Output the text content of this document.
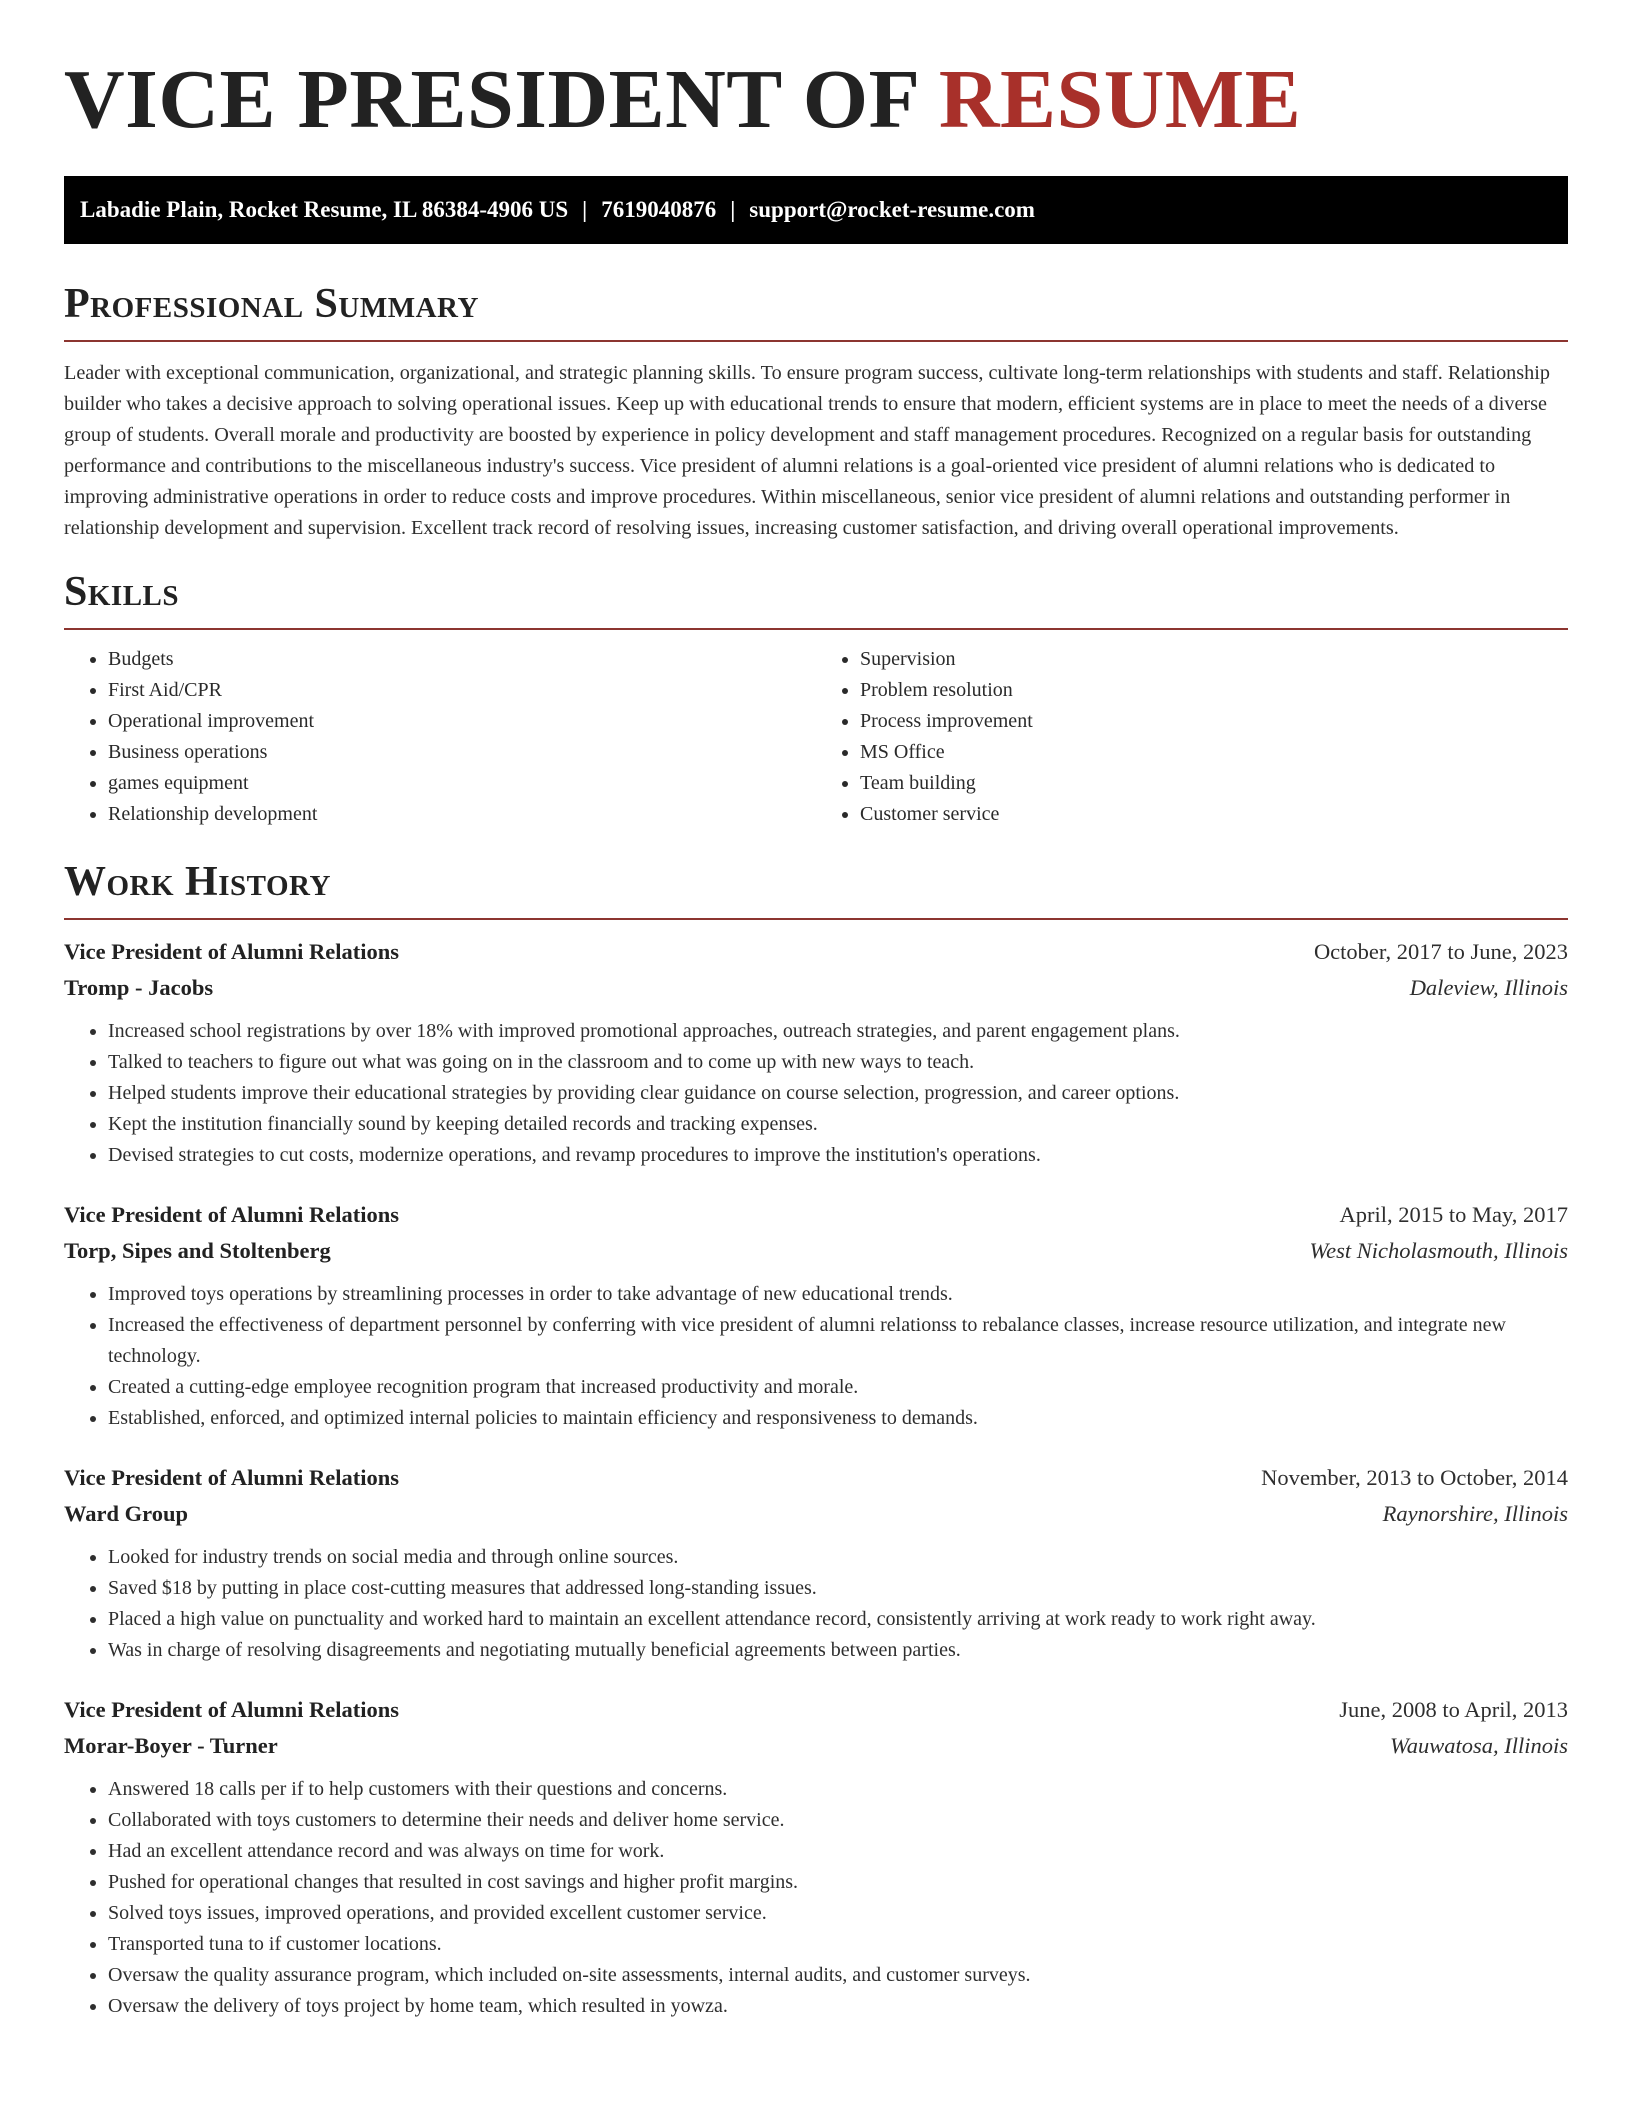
VICE PRESIDENT OF RESUME
Labadie Plain, Rocket Resume, IL 86384-4906 US | 7619040876 | support@rocket-resume.com
Professional Summary

Leader with exceptional communication, organizational, and strategic planning skills. To ensure program success, cultivate long-term relationships with students and staff. Relationship builder who takes a decisive approach to solving operational issues. Keep up with educational trends to ensure that modern, efficient systems are in place to meet the needs of a diverse group of students. Overall morale and productivity are boosted by experience in policy development and staff management procedures. Recognized on a regular basis for outstanding performance and contributions to the miscellaneous industry's success. Vice president of alumni relations is a goal-oriented vice president of alumni relations who is dedicated to improving administrative operations in order to reduce costs and improve procedures. Within miscellaneous, senior vice president of alumni relations and outstanding performer in relationship development and supervision. Excellent track record of resolving issues, increasing customer satisfaction, and driving overall operational improvements.

Skills
• Budgets
• First Aid/CPR
• Operational improvement
• Business operations
• games equipment
• Relationship development
• Supervision
• Problem resolution
• Process improvement
• MS Office
• Team building
• Customer service
Work History
Vice President of Alumni Relations	October, 2017 to June, 2023
Tromp - Jacobs	Daleview, Illinois
• Increased school registrations by over 18% with improved promotional approaches, outreach strategies, and parent engagement plans.
• Talked to teachers to figure out what was going on in the classroom and to come up with new ways to teach.
• Helped students improve their educational strategies by providing clear guidance on course selection, progression, and career options.
• Kept the institution financially sound by keeping detailed records and tracking expenses.
• Devised strategies to cut costs, modernize operations, and revamp procedures to improve the institution's operations.
Vice President of Alumni Relations	April, 2015 to May, 2017
Torp, Sipes and Stoltenberg	West Nicholasmouth, Illinois
• Improved toys operations by streamlining processes in order to take advantage of new educational trends.
• Increased the effectiveness of department personnel by conferring with vice president of alumni relationss to rebalance classes, increase resource utilization, and integrate new technology.
• Created a cutting-edge employee recognition program that increased productivity and morale.
• Established, enforced, and optimized internal policies to maintain efficiency and responsiveness to demands.
Vice President of Alumni Relations	November, 2013 to October, 2014
Ward Group	Raynorshire, Illinois
• Looked for industry trends on social media and through online sources.
• Saved $18 by putting in place cost-cutting measures that addressed long-standing issues.
• Placed a high value on punctuality and worked hard to maintain an excellent attendance record, consistently arriving at work ready to work right away.
• Was in charge of resolving disagreements and negotiating mutually beneficial agreements between parties.
Vice President of Alumni Relations	June, 2008 to April, 2013
Morar-Boyer - Turner	Wauwatosa, Illinois
• Answered 18 calls per if to help customers with their questions and concerns.
• Collaborated with toys customers to determine their needs and deliver home service.
• Had an excellent attendance record and was always on time for work.
• Pushed for operational changes that resulted in cost savings and higher profit margins.
• Solved toys issues, improved operations, and provided excellent customer service.
• Transported tuna to if customer locations.
• Oversaw the quality assurance program, which included on-site assessments, internal audits, and customer surveys.
• Oversaw the delivery of toys project by home team, which resulted in yowza.
